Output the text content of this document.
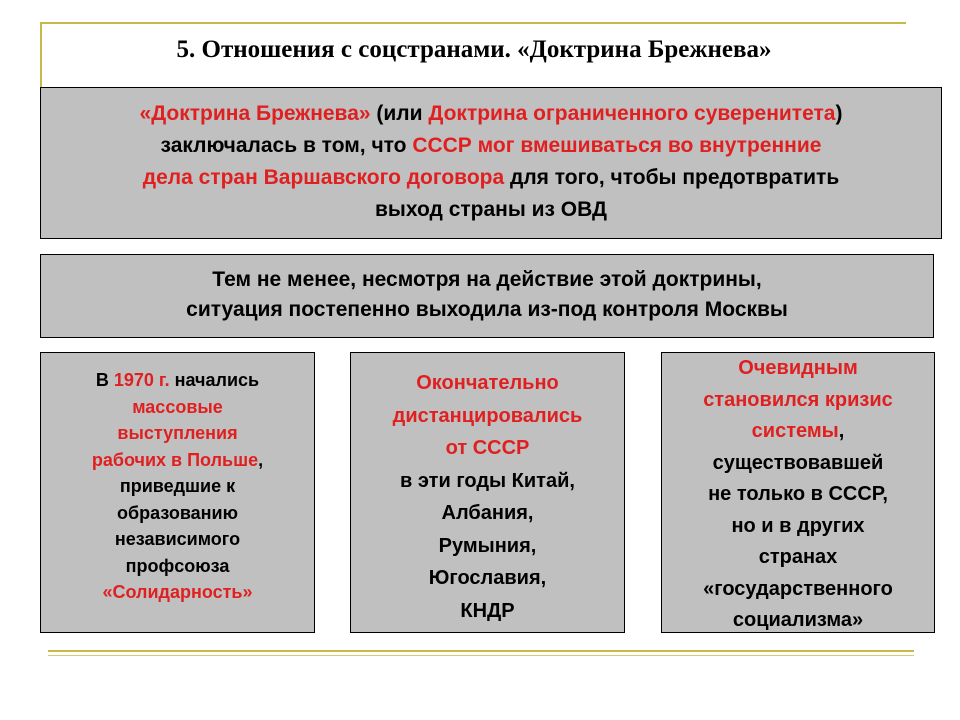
5. Отношения с соцстранами. «Доктрина Брежнева»
«Доктрина Брежнева» (или Доктрина ограниченного суверенитета)
заключалась в том, что СССР мог вмешиваться во внутренние
дела стран Варшавского договора для того, чтобы предотвратить
выход страны из ОВД
Тем не менее, несмотря на действие этой доктрины,
ситуация постепенно выходила из-под контроля Москвы
В 1970 г. начались
массовые
выступления
рабочих в Польше,
приведшие к
образованию
независимого
профсоюза
«Солидарность»
Окончательно
дистанцировались
от СССР
в эти годы Китай,
Албания,
Румыния,
Югославия,
КНДР
Очевидным
становился кризис
системы,
существовавшей
не только в СССР,
но и в других
странах
«государственного
социализма»
